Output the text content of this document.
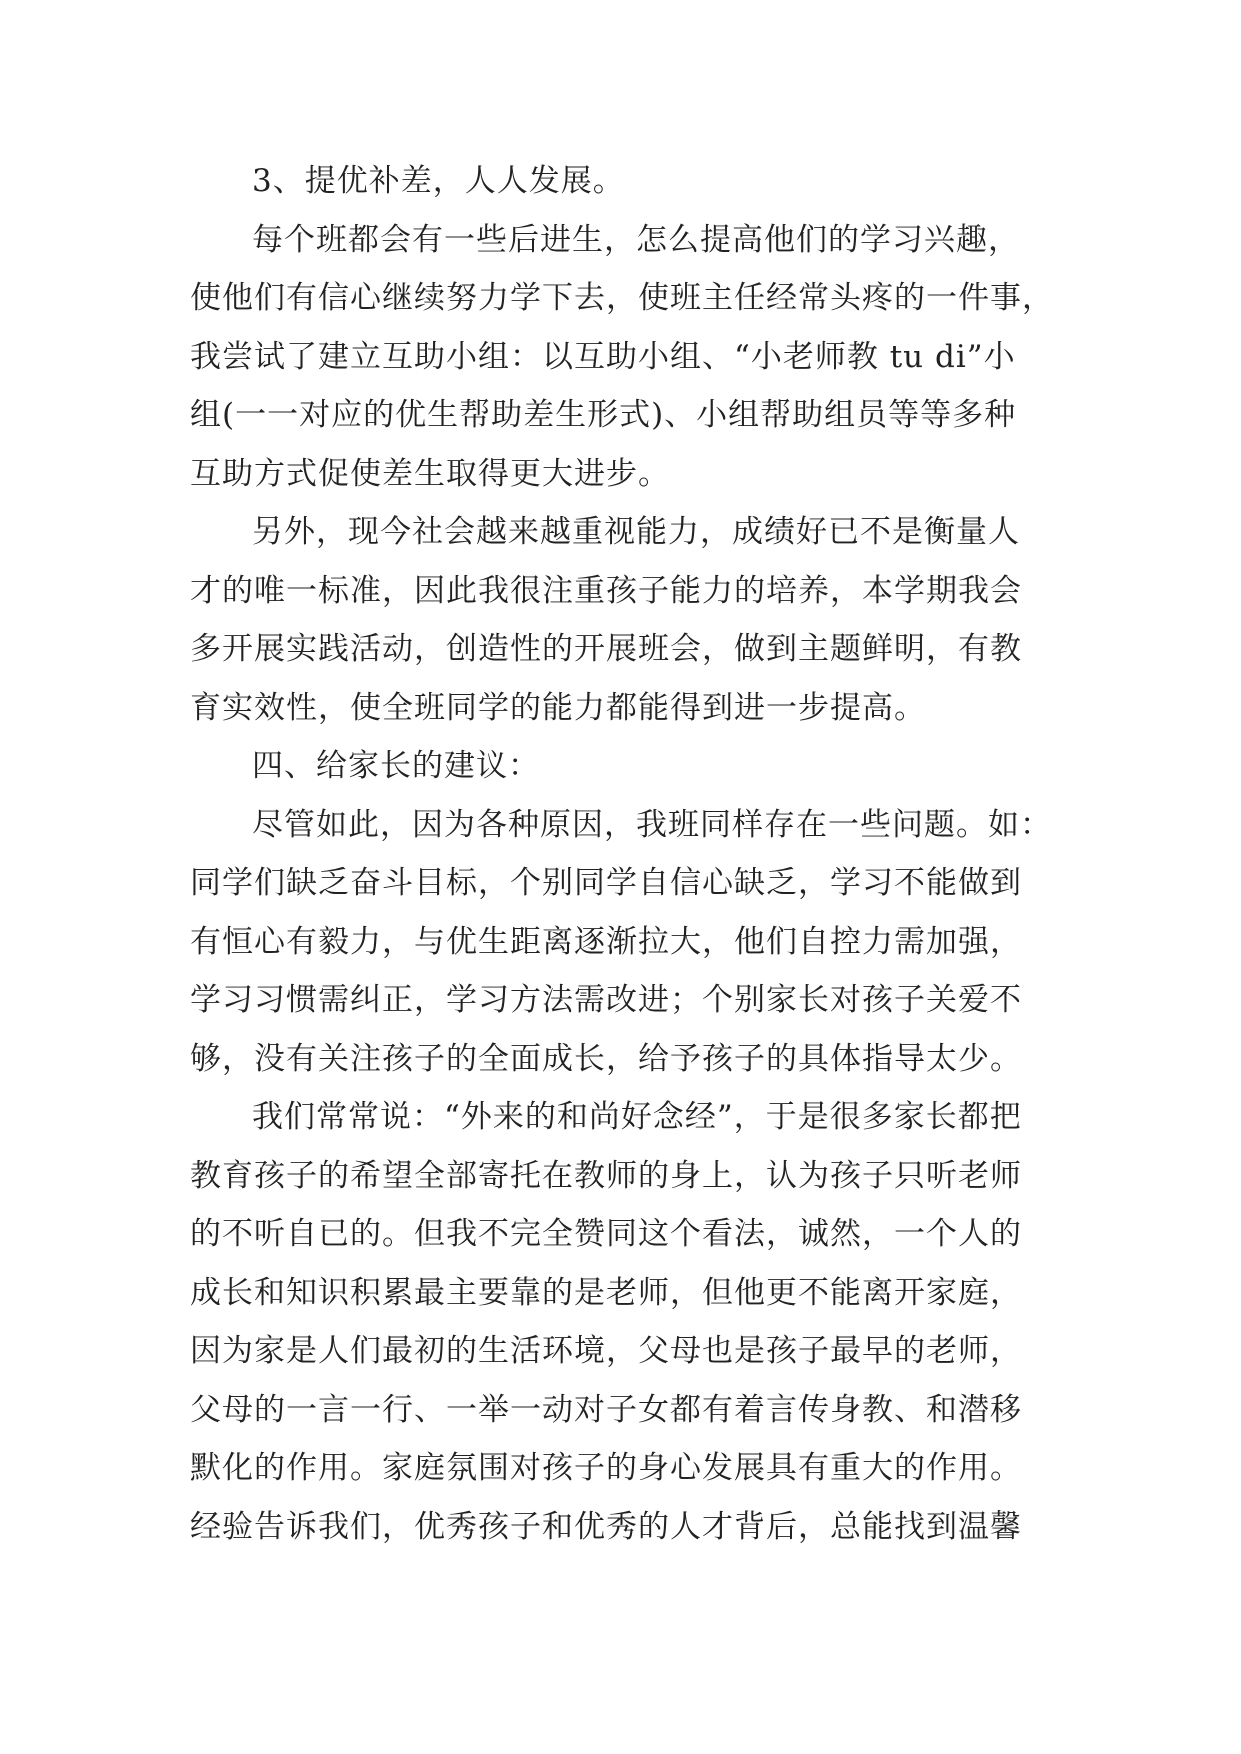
3、提优补差，人人发展。
每个班都会有一些后进生，怎么提高他们的学习兴趣，
使他们有信心继续努力学下去，使班主任经常头疼的一件事，
我尝试了建立互助小组：以互助小组、“小老师教 tu di”小
组(一一对应的优生帮助差生形式)、小组帮助组员等等多种
互助方式促使差生取得更大进步。
另外，现今社会越来越重视能力，成绩好已不是衡量人
才的唯一标准，因此我很注重孩子能力的培养，本学期我会
多开展实践活动，创造性的开展班会，做到主题鲜明，有教
育实效性，使全班同学的能力都能得到进一步提高。
四、给家长的建议：
尽管如此，因为各种原因，我班同样存在一些问题。如：
同学们缺乏奋斗目标，个别同学自信心缺乏，学习不能做到
有恒心有毅力，与优生距离逐渐拉大，他们自控力需加强，
学习习惯需纠正，学习方法需改进；个别家长对孩子关爱不
够，没有关注孩子的全面成长，给予孩子的具体指导太少。
我们常常说：“外来的和尚好念经”，于是很多家长都把
教育孩子的希望全部寄托在教师的身上，认为孩子只听老师
的不听自已的。但我不完全赞同这个看法，诚然，一个人的
成长和知识积累最主要靠的是老师，但他更不能离开家庭，
因为家是人们最初的生活环境，父母也是孩子最早的老师，
父母的一言一行、一举一动对子女都有着言传身教、和潜移
默化的作用。家庭氛围对孩子的身心发展具有重大的作用。
经验告诉我们，优秀孩子和优秀的人才背后，总能找到温馨
